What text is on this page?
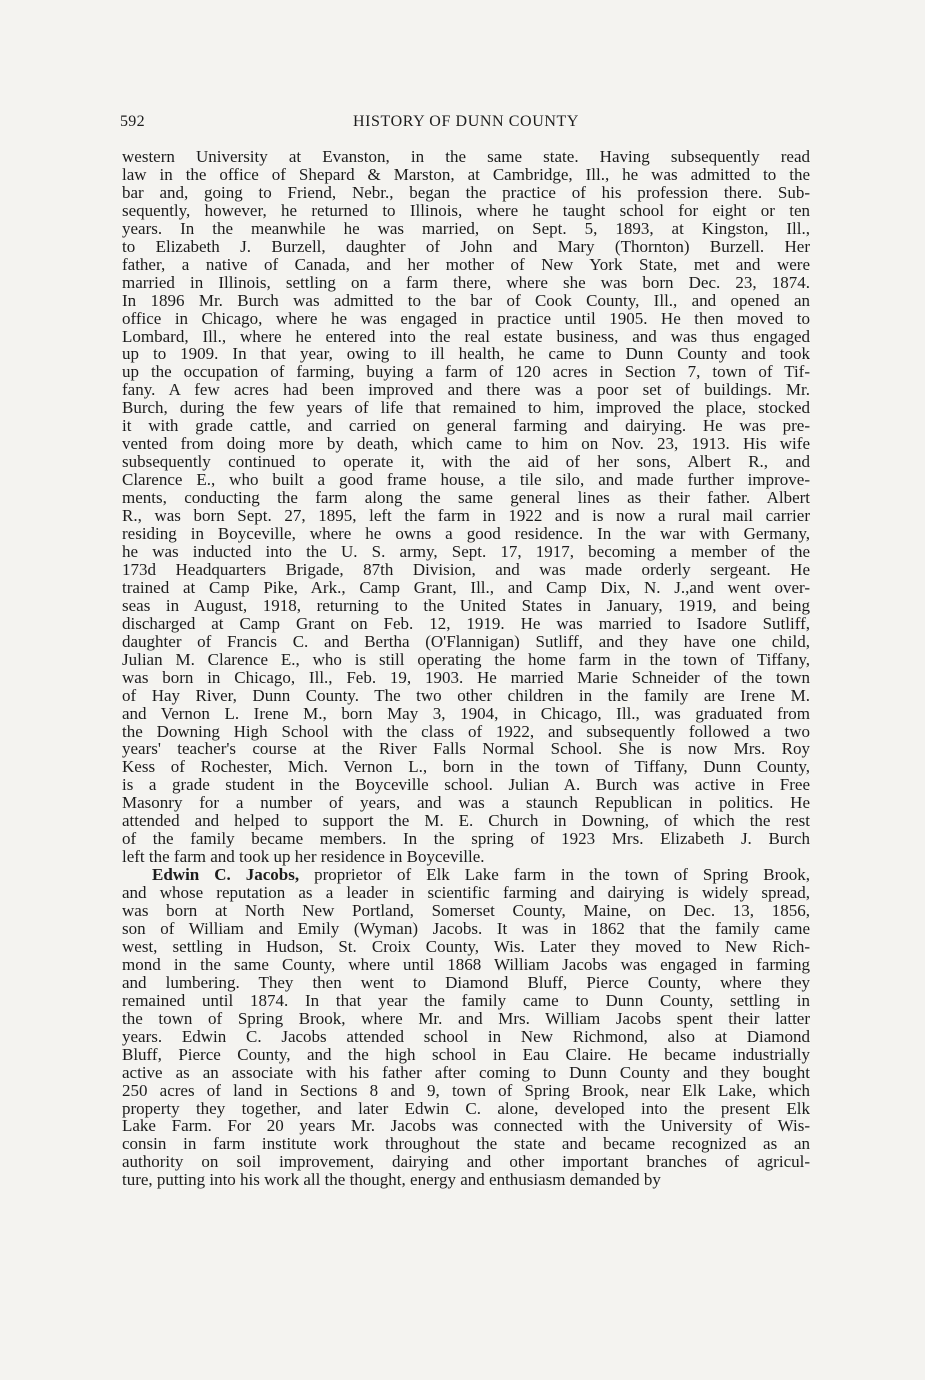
592	HISTORY OF DUNN COUNTY
western University at Evanston, in the same state. Having subsequently read
law in the office of Shepard & Marston, at Cambridge, Ill., he was admitted to the
bar and, going to Friend, Nebr., began the practice of his profession there. Sub-
sequently, however, he returned to Illinois, where he taught school for eight or ten
years. In the meanwhile he was married, on Sept. 5, 1893, at Kingston, Ill.,
to Elizabeth J. Burzell, daughter of John and Mary (Thornton) Burzell. Her
father, a native of Canada, and her mother of New York State, met and were
married in Illinois, settling on a farm there, where she was born Dec. 23, 1874.
In 1896 Mr. Burch was admitted to the bar of Cook County, Ill., and opened an
office in Chicago, where he was engaged in practice until 1905. He then moved to
Lombard, Ill., where he entered into the real estate business, and was thus engaged
up to 1909. In that year, owing to ill health, he came to Dunn County and took
up the occupation of farming, buying a farm of 120 acres in Section 7, town of Tif-
fany. A few acres had been improved and there was a poor set of buildings. Mr.
Burch, during the few years of life that remained to him, improved the place, stocked
it with grade cattle, and carried on general farming and dairying. He was pre-
vented from doing more by death, which came to him on Nov. 23, 1913. His wife
subsequently continued to operate it, with the aid of her sons, Albert R., and
Clarence E., who built a good frame house, a tile silo, and made further improve-
ments, conducting the farm along the same general lines as their father. Albert
R., was born Sept. 27, 1895, left the farm in 1922 and is now a rural mail carrier
residing in Boyceville, where he owns a good residence. In the war with Germany,
he was inducted into the U. S. army, Sept. 17, 1917, becoming a member of the
173d Headquarters Brigade, 87th Division, and was made orderly sergeant. He
trained at Camp Pike, Ark., Camp Grant, Ill., and Camp Dix, N. J.,and went over-
seas in August, 1918, returning to the United States in January, 1919, and being
discharged at Camp Grant on Feb. 12, 1919. He was married to Isadore Sutliff,
daughter of Francis C. and Bertha (O'Flannigan) Sutliff, and they have one child,
Julian M. Clarence E., who is still operating the home farm in the town of Tiffany,
was born in Chicago, Ill., Feb. 19, 1903. He married Marie Schneider of the town
of Hay River, Dunn County. The two other children in the family are Irene M.
and Vernon L. Irene M., born May 3, 1904, in Chicago, Ill., was graduated from
the Downing High School with the class of 1922, and subsequently followed a two
years' teacher's course at the River Falls Normal School. She is now Mrs. Roy
Kess of Rochester, Mich. Vernon L., born in the town of Tiffany, Dunn County,
is a grade student in the Boyceville school. Julian A. Burch was active in Free
Masonry for a number of years, and was a staunch Republican in politics. He
attended and helped to support the M. E. Church in Downing, of which the rest
of the family became members. In the spring of 1923 Mrs. Elizabeth J. Burch
left the farm and took up her residence in Boyceville.
Edwin C. Jacobs, proprietor of Elk Lake farm in the town of Spring Brook,
and whose reputation as a leader in scientific farming and dairying is widely spread,
was born at North New Portland, Somerset County, Maine, on Dec. 13, 1856,
son of William and Emily (Wyman) Jacobs. It was in 1862 that the family came
west, settling in Hudson, St. Croix County, Wis. Later they moved to New Rich-
mond in the same County, where until 1868 William Jacobs was engaged in farming
and lumbering. They then went to Diamond Bluff, Pierce County, where they
remained until 1874. In that year the family came to Dunn County, settling in
the town of Spring Brook, where Mr. and Mrs. William Jacobs spent their latter
years. Edwin C. Jacobs attended school in New Richmond, also at Diamond
Bluff, Pierce County, and the high school in Eau Claire. He became industrially
active as an associate with his father after coming to Dunn County and they bought
250 acres of land in Sections 8 and 9, town of Spring Brook, near Elk Lake, which
property they together, and later Edwin C. alone, developed into the present Elk
Lake Farm. For 20 years Mr. Jacobs was connected with the University of Wis-
consin in farm institute work throughout the state and became recognized as an
authority on soil improvement, dairying and other important branches of agricul-
ture, putting into his work all the thought, energy and enthusiasm demanded by
